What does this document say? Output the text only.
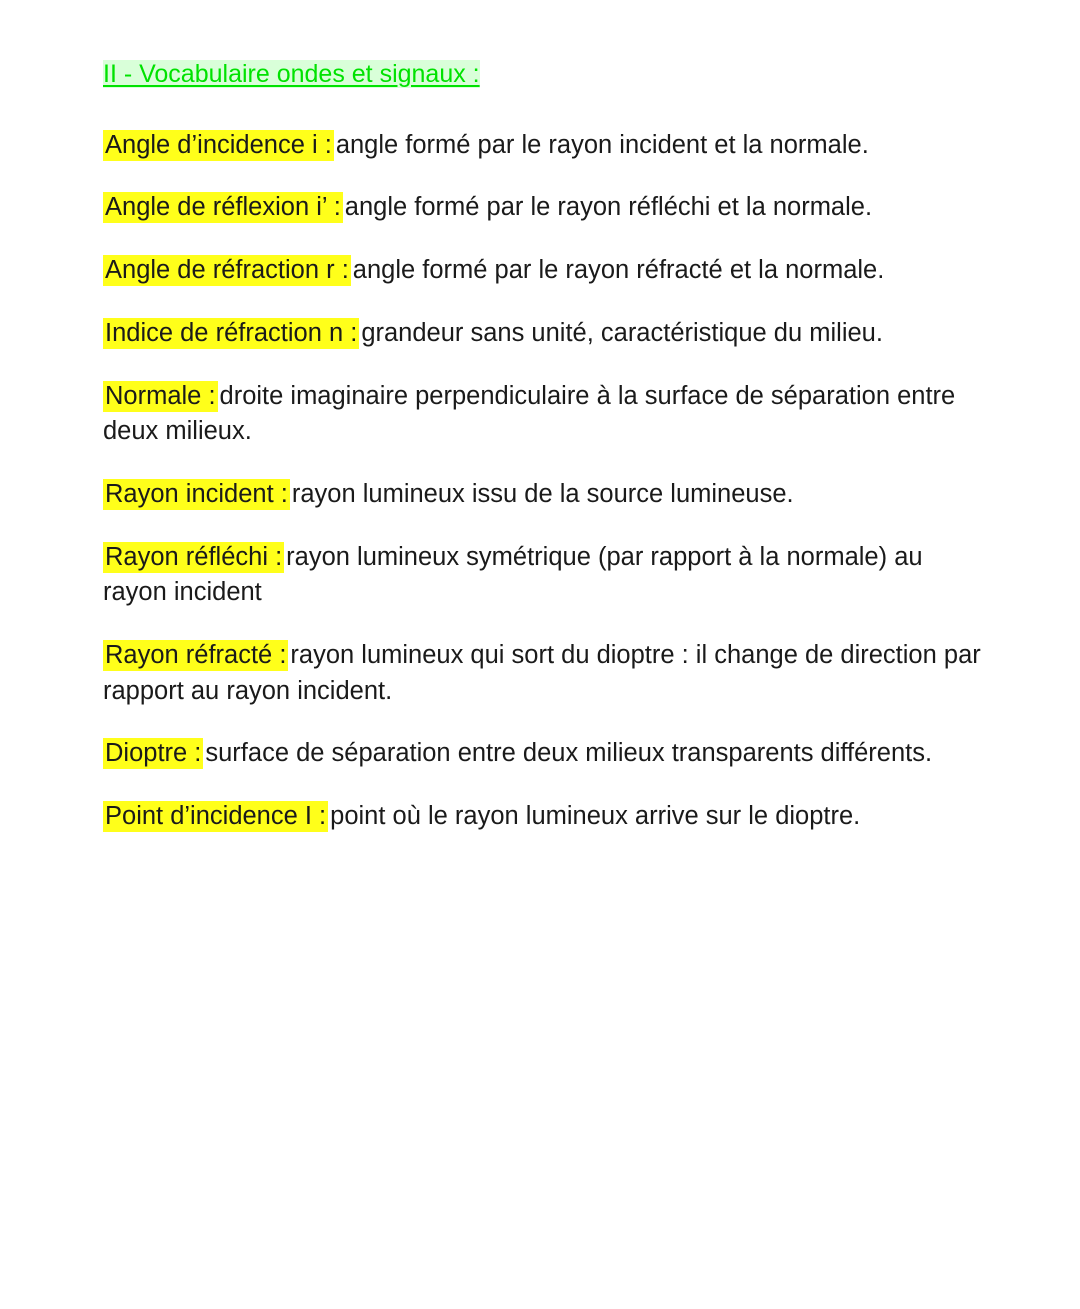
II - Vocabulaire ondes et signaux :

Angle d’incidence i : angle formé par le rayon incident et la normale.

Angle de réflexion i’ : angle formé par le rayon réfléchi et la normale.

Angle de réfraction r : angle formé par le rayon réfracté et la normale.

Indice de réfraction n : grandeur sans unité, caractéristique du milieu.

Normale : droite imaginaire perpendiculaire à la surface de séparation entre deux milieux.

Rayon incident : rayon lumineux issu de la source lumineuse.

Rayon réfléchi : rayon lumineux symétrique (par rapport à la normale) au rayon incident

Rayon réfracté : rayon lumineux qui sort du dioptre : il change de direction par rapport au rayon incident.

Dioptre : surface de séparation entre deux milieux transparents différents.

Point d’incidence I : point où le rayon lumineux arrive sur le dioptre.
